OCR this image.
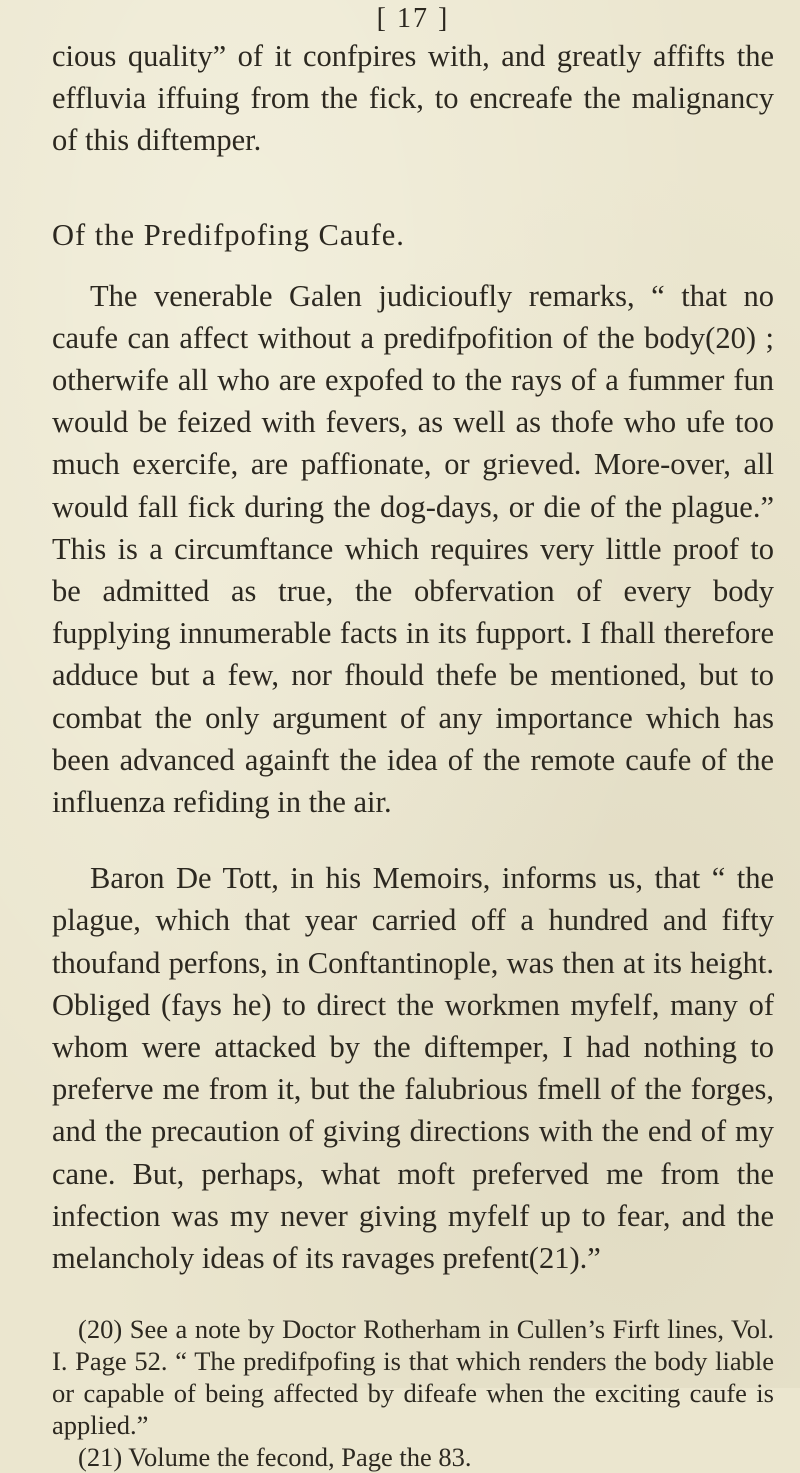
[ 17 ]

cious quality” of it confpires with, and greatly affifts the effluvia iffuing from the fick, to encreafe the malignancy of this diftemper.

Of the Predifpofing Caufe.

The venerable Galen judicioufly remarks, “ that no caufe can affect without a predifpofition of the body(20) ; otherwife all who are expofed to the rays of a fummer fun would be feized with fevers, as well as thofe who ufe too much exercife, are paffionate, or grieved. More-over, all would fall fick during the dog-days, or die of the plague.” This is a circumftance which requires very little proof to be admitted as true, the obfervation of every body fupplying innumerable facts in its fupport. I fhall therefore adduce but a few, nor fhould thefe be mentioned, but to combat the only argument of any importance which has been advanced againft the idea of the remote caufe of the influenza refiding in the air.

Baron De Tott, in his Memoirs, informs us, that “ the plague, which that year carried off a hundred and fifty thoufand perfons, in Conftantinople, was then at its height. Obliged (fays he) to direct the workmen myfelf, many of whom were attacked by the diftemper, I had nothing to preferve me from it, but the falubrious fmell of the forges, and the precaution of giving directions with the end of my cane. But, perhaps, what moft preferved me from the infection was my never giving myfelf up to fear, and the melancholy ideas of its ravages prefent(21).”

(20) See a note by Doctor Rotherham in Cullen’s Firft lines, Vol. I. Page 52. “ The predifpofing is that which renders the body liable or capable of being affected by difeafe when the exciting caufe is applied.”

(21) Volume the fecond, Page the 83.
